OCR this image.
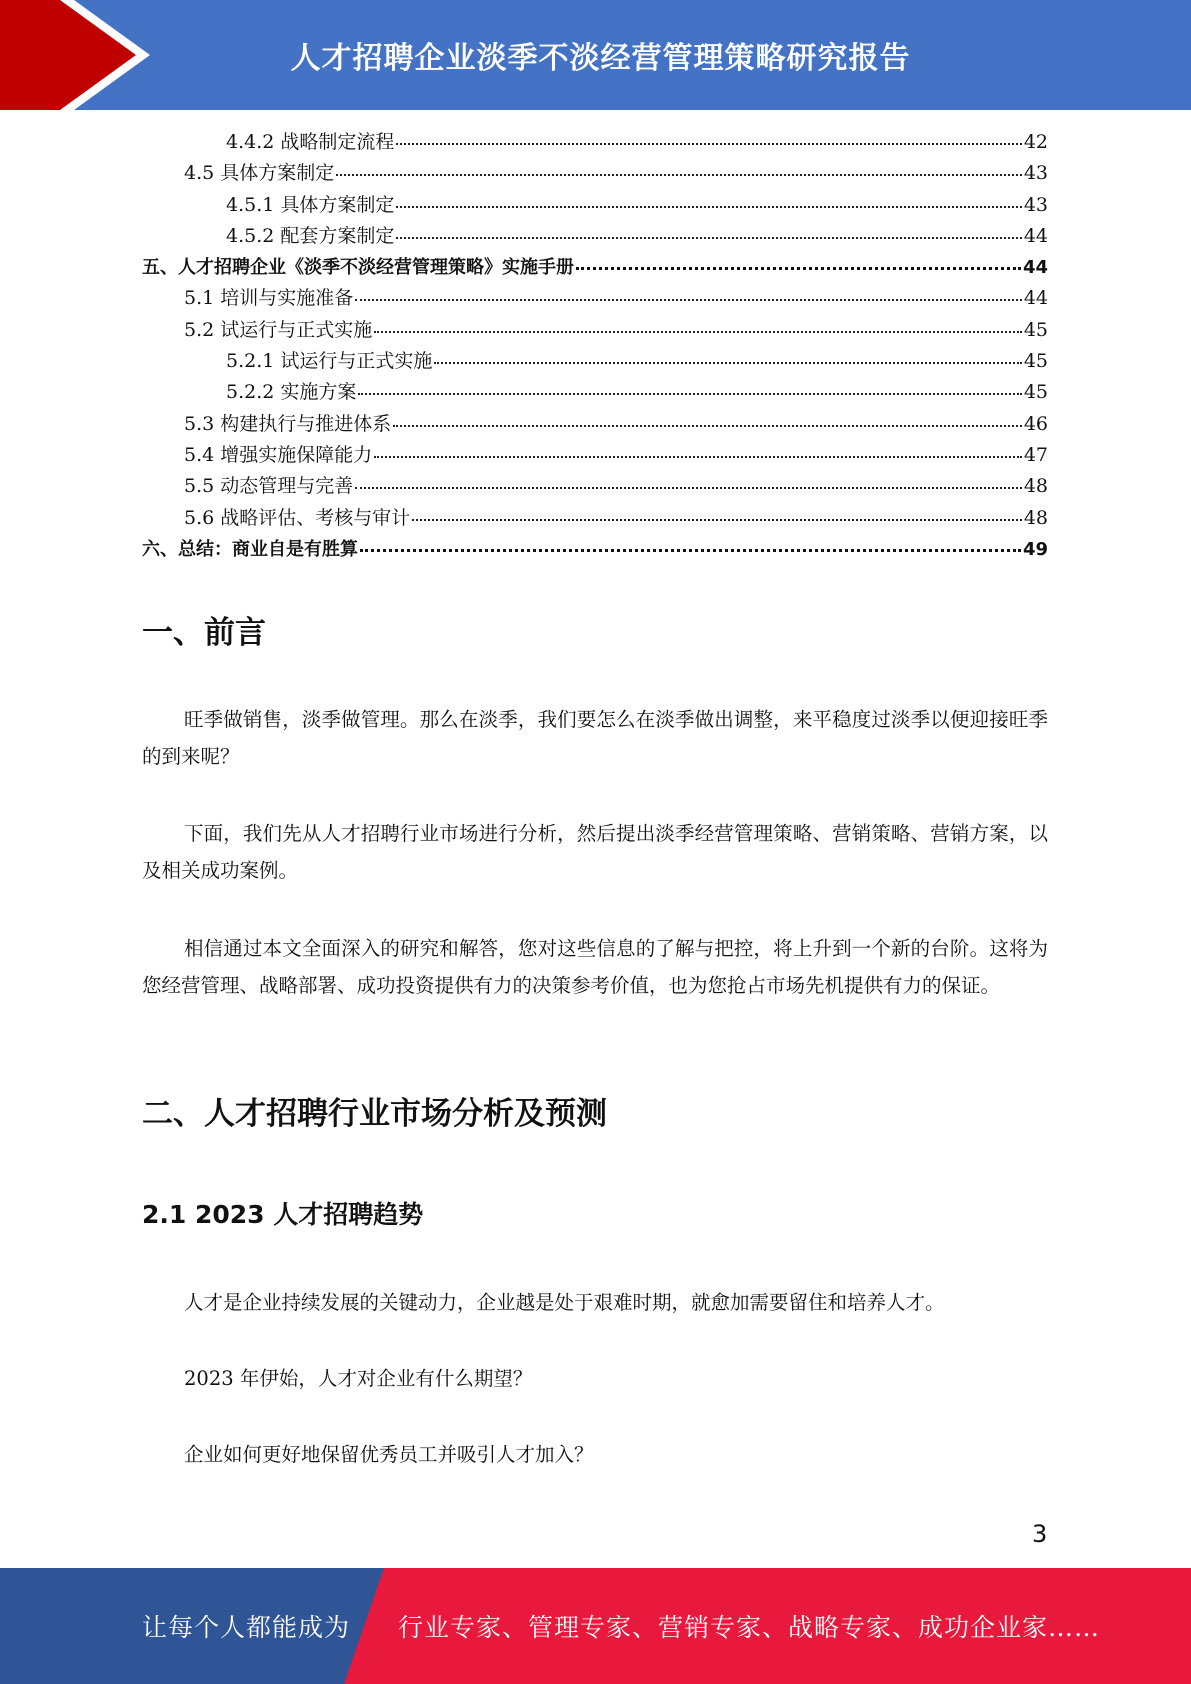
人才招聘企业淡季不淡经营管理策略研究报告
4.4.2 战略制定流程	42
4.5 具体方案制定	43
4.5.1 具体方案制定	43
4.5.2 配套方案制定	44
五、人才招聘企业《淡季不淡经营管理策略》实施手册	44
5.1 培训与实施准备	44
5.2 试运行与正式实施	45
5.2.1 试运行与正式实施	45
5.2.2 实施方案	45
5.3 构建执行与推进体系	46
5.4 增强实施保障能力	47
5.5 动态管理与完善	48
5.6 战略评估、考核与审计	48
六、总结：商业自是有胜算	49
一、前言

旺季做销售，淡季做管理。那么在淡季，我们要怎么在淡季做出调整，来平稳度过淡季以便迎接旺季的到来呢？

下面，我们先从人才招聘行业市场进行分析，然后提出淡季经营管理策略、营销策略、营销方案，以及相关成功案例。

相信通过本文全面深入的研究和解答，您对这些信息的了解与把控，将上升到一个新的台阶。这将为您经营管理、战略部署、成功投资提供有力的决策参考价值，也为您抢占市场先机提供有力的保证。

二、人才招聘行业市场分析及预测
2.1 2023 人才招聘趋势

人才是企业持续发展的关键动力，企业越是处于艰难时期，就愈加需要留住和培养人才。

2023 年伊始，人才对企业有什么期望？

企业如何更好地保留优秀员工并吸引人才加入？

3
让每个人都能成为 行业专家、管理专家、营销专家、战略专家、成功企业家……
